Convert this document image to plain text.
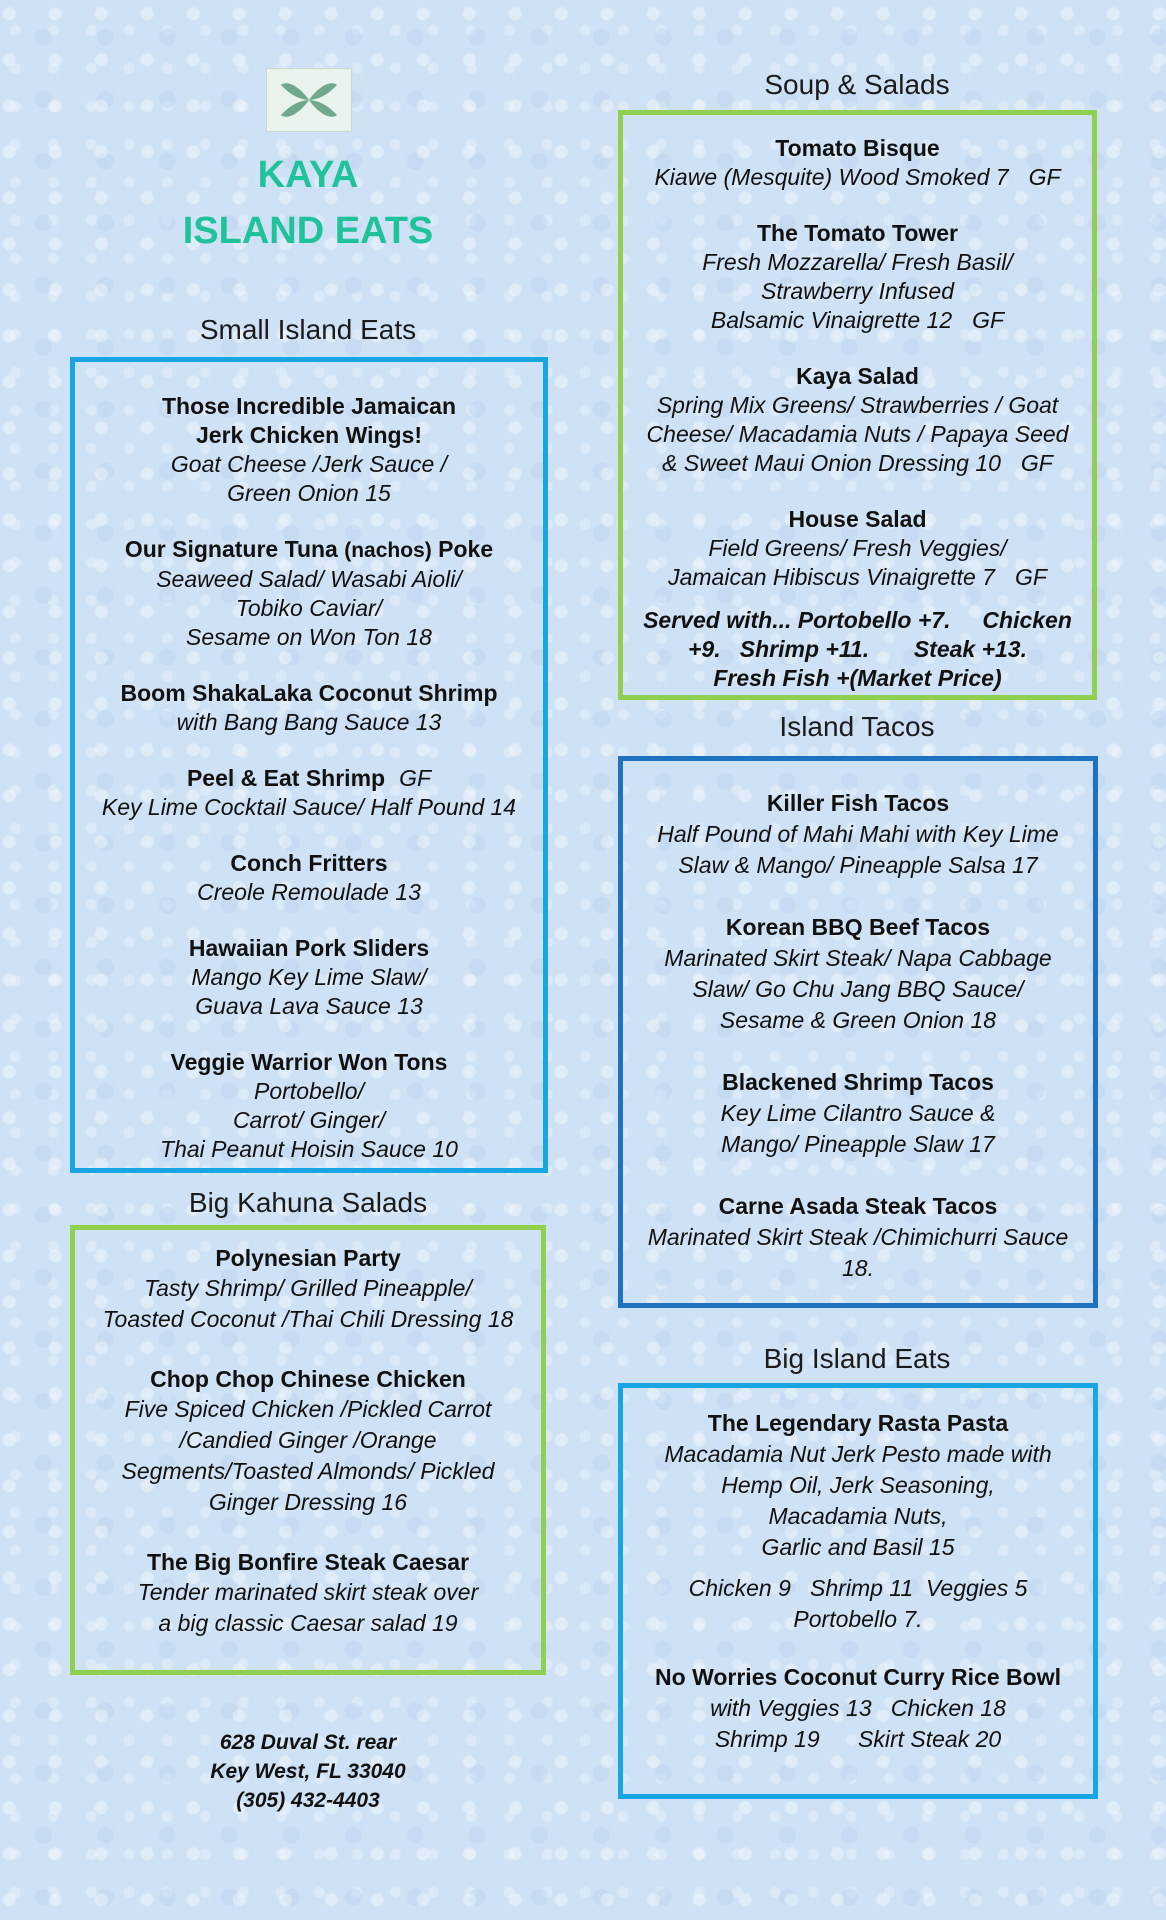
KAYA
ISLAND EATS
Small Island Eats
Those Incredible Jamaican
Jerk Chicken Wings!
Goat Cheese /Jerk Sauce /
Green Onion 15
Our Signature Tuna (nachos) Poke
Seaweed Salad/ Wasabi Aioli/
Tobiko Caviar/
Sesame on Won Ton 18
Boom ShakaLaka Coconut Shrimp
with Bang Bang Sauce 13
Peel & Eat Shrimp GF
Key Lime Cocktail Sauce/ Half Pound 14
Conch Fritters
Creole Remoulade 13
Hawaiian Pork Sliders
Mango Key Lime Slaw/
Guava Lava Sauce 13
Veggie Warrior Won Tons
Portobello/
Carrot/ Ginger/
Thai Peanut Hoisin Sauce 10
Big Kahuna Salads
Polynesian Party
Tasty Shrimp/ Grilled Pineapple/
Toasted Coconut /Thai Chili Dressing 18
Chop Chop Chinese Chicken
Five Spiced Chicken /Pickled Carrot
/Candied Ginger /Orange
Segments/Toasted Almonds/ Pickled
Ginger Dressing 16
The Big Bonfire Steak Caesar
Tender marinated skirt steak over
a big classic Caesar salad 19
628 Duval St. rear
Key West, FL 33040
(305) 432-4403
Soup & Salads
Tomato Bisque
Kiawe (Mesquite) Wood Smoked 7 GF
The Tomato Tower
Fresh Mozzarella/ Fresh Basil/
Strawberry Infused
Balsamic Vinaigrette 12 GF
Kaya Salad
Spring Mix Greens/ Strawberries / Goat
Cheese/ Macadamia Nuts / Papaya Seed
& Sweet Maui Onion Dressing 10 GF
House Salad
Field Greens/ Fresh Veggies/
Jamaican Hibiscus Vinaigrette 7 GF
Served with... Portobello +7.     Chicken
+9.   Shrimp +11.       Steak +13.
Fresh Fish +(Market Price)
Island Tacos
Killer Fish Tacos
Half Pound of Mahi Mahi with Key Lime
Slaw & Mango/ Pineapple Salsa 17
Korean BBQ Beef Tacos
Marinated Skirt Steak/ Napa Cabbage
Slaw/ Go Chu Jang BBQ Sauce/
Sesame & Green Onion 18
Blackened Shrimp Tacos
Key Lime Cilantro Sauce &
Mango/ Pineapple Slaw 17
Carne Asada Steak Tacos
Marinated Skirt Steak /Chimichurri Sauce
18.
Big Island Eats
The Legendary Rasta Pasta
Macadamia Nut Jerk Pesto made with
Hemp Oil, Jerk Seasoning,
Macadamia Nuts,
Garlic and Basil 15
Chicken 9   Shrimp 11  Veggies 5
Portobello 7.
No Worries Coconut Curry Rice Bowl
with Veggies 13   Chicken 18
Shrimp 19      Skirt Steak 20
